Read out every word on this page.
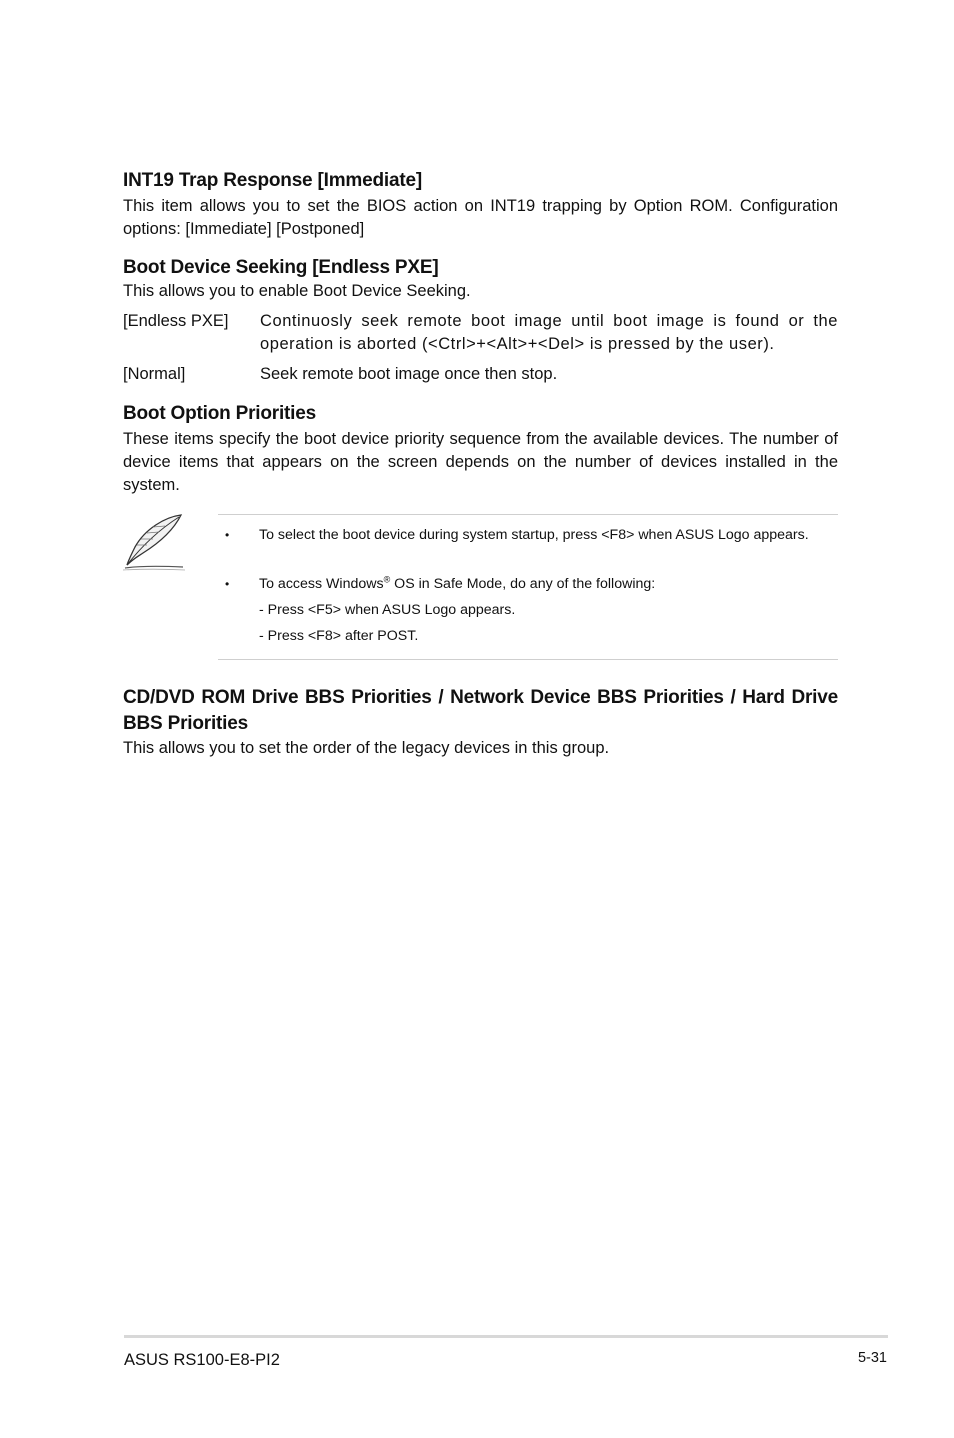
INT19 Trap Response [Immediate]

This item allows you to set the BIOS action on INT19 trapping by Option ROM. Configuration options: [Immediate] [Postponed]

Boot Device Seeking [Endless PXE]

This allows you to enable Boot Device Seeking.

[Endless PXE] Continuosly seek remote boot image until boot image is found or the operation is aborted (<Ctrl>+<Alt>+<Del> is pressed by the user).
[Normal]	Seek remote boot image once then stop.
Boot Option Priorities

These items specify the boot device priority sequence from the available devices. The number of device items that appears on the screen depends on the number of devices installed in the system.

• To select the boot device during system startup, press <F8> when ASUS Logo appears.
• To access Windows® OS in Safe Mode, do any of the following:
- Press <F5> when ASUS Logo appears.
- Press <F8> after POST.
CD/DVD ROM Drive BBS Priorities / Network Device BBS Priorities / Hard Drive BBS Priorities

This allows you to set the order of the legacy devices in this group.

ASUS RS100-E8-PI2	5-31
